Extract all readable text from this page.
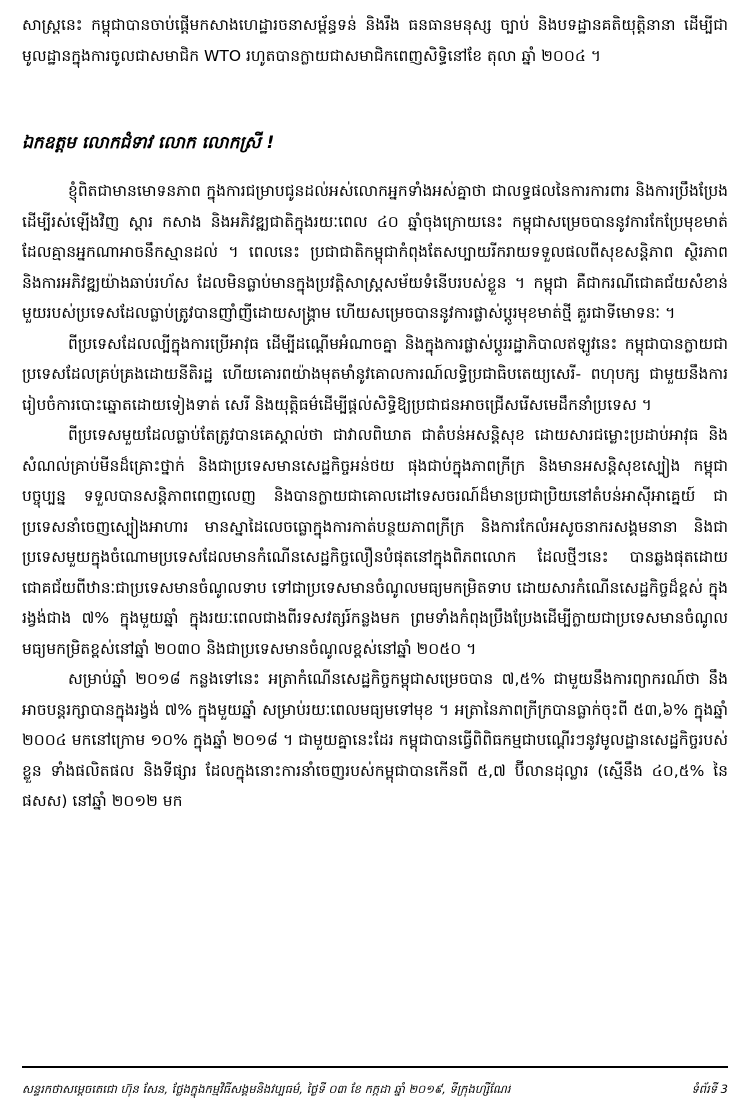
សាស្ត្រនេះ កម្ពុជាបានចាប់ផ្តើមកសាងហេដ្ឋារចនាសម្ព័ន្ធទន់ និងរឹង ធនធានមនុស្ស ច្បាប់ និងបទដ្ឋានគតិយុត្តិនានា ដើម្បីជាមូលដ្ឋានក្នុងការចូលជាសមាជិក WTO រហូតបានក្លាយជាសមាជិកពេញសិទ្ធិនៅខែ តុលា ឆ្នាំ ២០០៤ ។

ឯកឧត្តម លោកជំទាវ លោក លោកស្រី !

ខ្ញុំពិតជាមានមោទនភាព ក្នុងការជម្រាបជូនដល់អស់លោកអ្នកទាំងអស់គ្នាថា ជាលទ្ធផលនៃការការពារ និងការប្រឹងប្រែងដើម្បីរស់ឡើងវិញ ស្តារ កសាង និងអភិវឌ្ឍជាតិក្នុងរយៈពេល ៤០ ឆ្នាំចុងក្រោយនេះ កម្ពុជាសម្រេចបាននូវការកែប្រែមុខមាត់ដែលគ្មានអ្នកណាអាចនឹកស្មានដល់ ។ ពេលនេះ ប្រជាជាតិកម្ពុជាកំពុងតែសប្បាយរីករាយទទួលផលពីសុខសន្តិភាព ស្ថិរភាព និងការអភិវឌ្ឍយ៉ាងឆាប់រហ័ស ដែលមិនធ្លាប់មានក្នុងប្រវត្តិសាស្ត្រសម័យទំនើបរបស់ខ្លួន ។ កម្ពុជា គឺជាករណីជោគជ័យសំខាន់មួយរបស់ប្រទេសដែលធ្លាប់ត្រូវបានញាំញីដោយសង្គ្រាម ហើយសម្រេចបាននូវការផ្លាស់ប្តូរមុខមាត់ថ្មី គួរជាទីមោទនៈ ។

ពីប្រទេសដែលល្បីក្នុងការប្រើអាវុធ ដើម្បីដណ្តើមអំណាចគ្នា និងក្នុងការផ្លាស់ប្តូររដ្ឋាភិបាលឥឡូវនេះ កម្ពុជាបានក្លាយជាប្រទេសដែលគ្រប់គ្រងដោយនីតិរដ្ឋ ហើយគោរពយ៉ាងមុតមាំនូវគោលការណ៍លទ្ធិប្រជាធិបតេយ្យសេរី- ពហុបក្ស ជាមួយនឹងការរៀបចំការបោះឆ្នោតដោយទៀងទាត់ សេរី និងយុត្តិធម៌ដើម្បីផ្តល់សិទ្ធិឱ្យប្រជាជនអាចជ្រើសរើសមេដឹកនាំប្រទេស ។

ពីប្រទេសមួយដែលធ្លាប់តែត្រូវបានគេស្គាល់ថា ជាវាលពិឃាត ជាតំបន់អសន្តិសុខ ដោយសារជម្លោះប្រដាប់អាវុធ និងសំណល់គ្រាប់មីនដ៏គ្រោះថ្នាក់ និងជាប្រទេសមានសេដ្ឋកិច្ចអន់ថយ ផុងជាប់ក្នុងភាពក្រីក្រ និងមានអសន្តិសុខស្បៀង កម្ពុជាបច្ចុប្បន្ន ទទួលបានសន្តិភាពពេញលេញ និងបានក្លាយជាគោលដៅទេសចរណ៍ដ៏មានប្រជាប្រិយនៅតំបន់អាស៊ីអាគ្នេយ៍ ជាប្រទេសនាំចេញស្បៀងអាហារ មានស្នាដៃលេចធ្លោក្នុងការកាត់បន្ថយភាពក្រីក្រ និងការកែលំអសូចនាករសង្គមនានា និងជាប្រទេសមួយក្នុងចំណោមប្រទេសដែលមានកំណើនសេដ្ឋកិច្ចលឿនបំផុតនៅក្នុងពិភពលោក ដែលថ្មីៗនេះ បានឆ្លងផុតដោយជោគជ័យពីឋានៈជាប្រទេសមានចំណូលទាប ទៅជាប្រទេសមានចំណូលមធ្យមកម្រិតទាប ដោយសារកំណើនសេដ្ឋកិច្ចដ៏ខ្ពស់ ក្នុងរង្វង់ជាង ៧% ក្នុងមួយឆ្នាំ ក្នុងរយៈពេលជាងពីរទសវត្សរ៍កន្លងមក ព្រមទាំងកំពុងប្រឹងប្រែងដើម្បីក្លាយជាប្រទេសមានចំណូលមធ្យមកម្រិតខ្ពស់នៅឆ្នាំ ២០៣០ និងជាប្រទេសមានចំណូលខ្ពស់នៅឆ្នាំ ២០៥០ ។

សម្រាប់ឆ្នាំ ២០១៨ កន្លងទៅនេះ អត្រាកំណើនសេដ្ឋកិច្ចកម្ពុជាសម្រេចបាន ៧,៥% ជាមួយនឹងការព្យាករណ៍ថា នឹងអាចបន្តរក្សាបានក្នុងរង្វង់ ៧% ក្នុងមួយឆ្នាំ សម្រាប់រយៈពេលមធ្យមទៅមុខ ។ អត្រានៃភាពក្រីក្របានធ្លាក់ចុះពី ៥៣,៦% ក្នុងឆ្នាំ ២០០៤ មកនៅក្រោម ១០% ក្នុងឆ្នាំ ២០១៨ ។ ជាមួយគ្នានេះដែរ កម្ពុជាបានធ្វើពិពិធកម្មជាបណ្តើរៗនូវមូលដ្ឋានសេដ្ឋកិច្ចរបស់ខ្លួន ទាំងផលិតផល និងទីផ្សារ ដែលក្នុងនោះការនាំចេញរបស់កម្ពុជាបានកើនពី ៥,៧ ប៊ីលានដុល្លារ (ស្មើនឹង ៤០,៥% នៃ ផសស) នៅឆ្នាំ ២០១២ មក

សន្ទរកថាសម្ដេចតេជោ ហ៊ុន សែន, ថ្លែងក្នុងកម្មវិធីសង្គមនិងវប្បធម៌, ថ្ងៃទី ០៣ ខែ កក្កដា ឆ្នាំ ២០១៩, ទីក្រុងហ្សឺណែវ	ទំព័រទី 3
